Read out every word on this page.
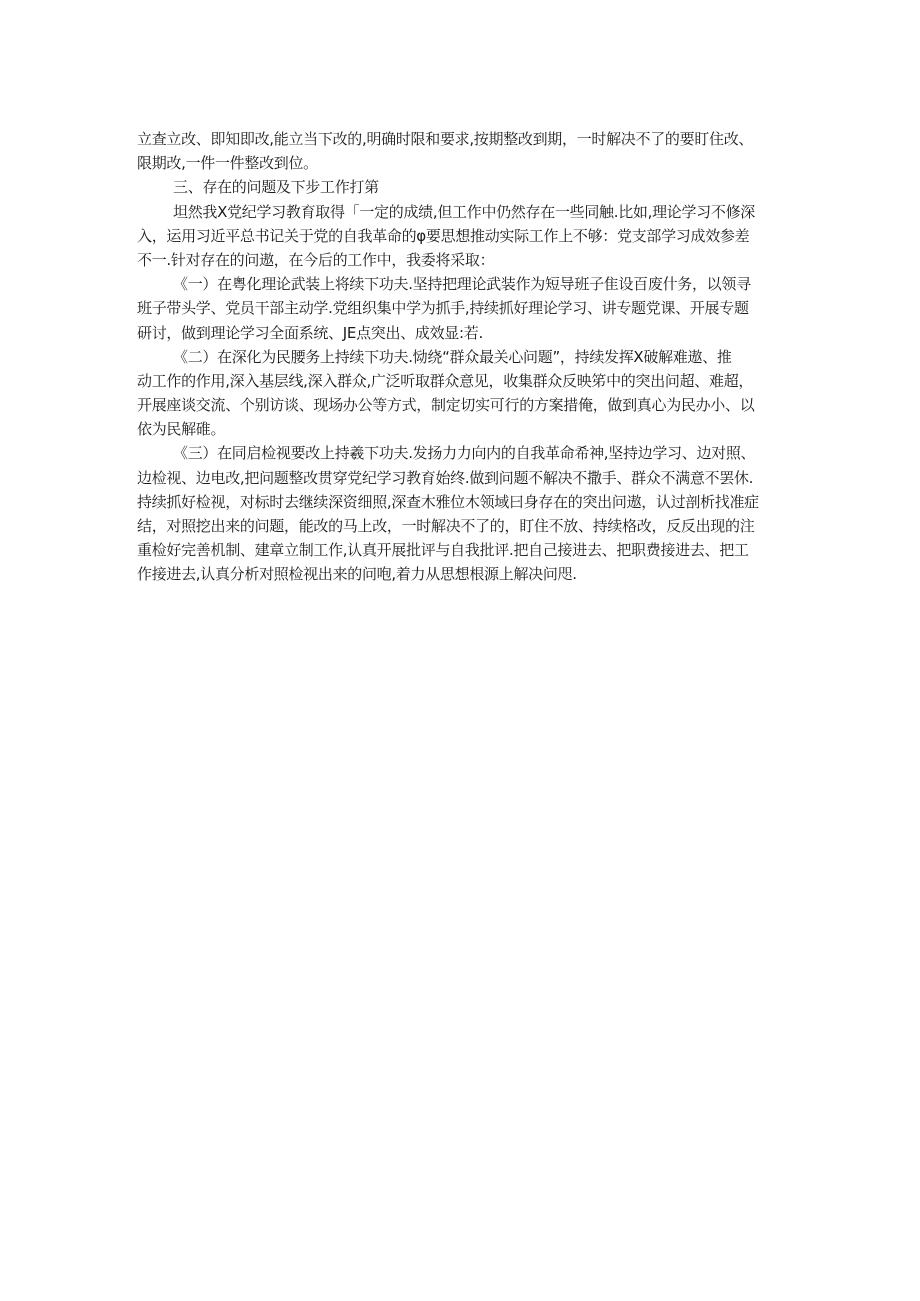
立查立改、即知即改,能立当下改的,明确时限和要求,按期整改到期，一时解决不了的要盯住改、
限期改,一件一件整改到位。
三、存在的问题及下步工作打第
坦然我X党纪学习教育取得「一定的成绩,但工作中仍然存在一些同触.比如,理论学习不修深
入，运用习近平总书记关于党的自我革命的φ要思想推动实际工作上不够：党支部学习成效参差
不一.针对存在的问遨，在今后的工作中，我委将采取：
《一）在粤化理论武装上将续下功夫.坚持把理论武装作为短导班子隹设百废什务，以领寻
班子带头学、党员干部主动学.党组织集中学为抓手,持续抓好理论学习、讲专题党课、开展专题
研讨，做到理论学习全面系统、JE点突出、成效显:若.
《二）在深化为民腰务上持续下功夫.恸绕“群众最关心问题”，持续发挥X破解难遨、推
动工作的作用,深入基层线,深入群众,广泛听取群众意见，收集群众反映笫中的突出问超、难超，
开展座谈交流、个别访谈、现场办公等方式，制定切实可行的方案措俺，做到真心为民办小、以
依为民解碓。
《三）在同启检视要改上持羲下功夫.发扬力力向内的自我革命希神,坚持边学习、边对照、
边检视、边电改,把问题整改贯穿党纪学习教育始终.做到问题不解决不撒手、群众不满意不罢休.
持续抓好检视，对标时去继续深资细照,深查木雅位木领域曰身存在的突出问遨，认过剖析找准症
结，对照挖出来的问题，能改的马上改，一时解决不了的，盯住不放、持续格改，反反出现的注
重检好完善机制、建章立制工作,认真开展批评与自我批评.把自己接进去、把职费接进去、把工
作接进去,认真分析对照检视出来的问咆,着力从思想根源上解决问咫.
